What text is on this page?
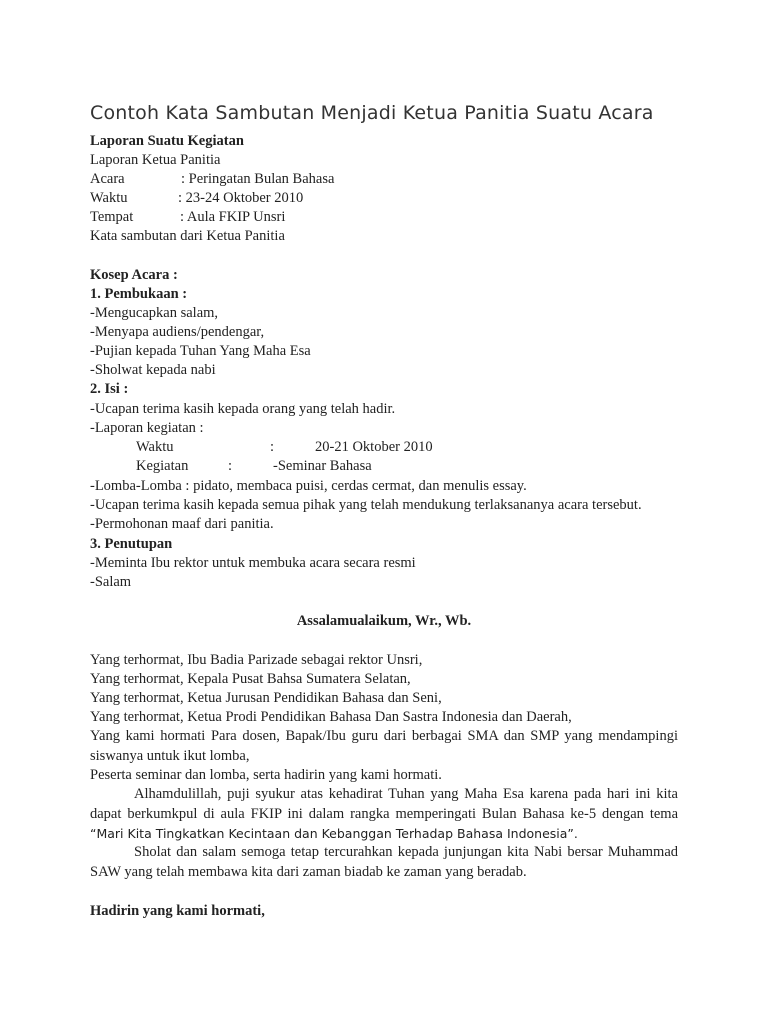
Contoh Kata Sambutan Menjadi Ketua Panitia Suatu Acara
Laporan Suatu Kegiatan
Laporan Ketua Panitia
Acara	: Peringatan Bulan Bahasa
Waktu	: 23-24 Oktober 2010
Tempat	: Aula FKIP Unsri
Kata sambutan dari Ketua Panitia
Kosep Acara :
1. Pembukaan :
-Mengucapkan salam,
-Menyapa audiens/pendengar,
-Pujian kepada Tuhan Yang Maha Esa
-Sholwat kepada nabi
2. Isi :
-Ucapan terima kasih kepada orang yang telah hadir.
-Laporan kegiatan :
Waktu	:	20-21 Oktober 2010
Kegiatan	:	-Seminar Bahasa
-Lomba-Lomba : pidato, membaca puisi, cerdas cermat, dan menulis essay.
-Ucapan terima kasih kepada semua pihak yang telah mendukung terlaksananya acara tersebut.
-Permohonan maaf dari panitia.
3. Penutupan
-Meminta Ibu rektor untuk membuka acara secara resmi
-Salam
Assalamualaikum, Wr., Wb.
Yang terhormat, Ibu Badia Parizade sebagai rektor Unsri,
Yang terhormat, Kepala Pusat Bahsa Sumatera Selatan,
Yang terhormat, Ketua Jurusan Pendidikan Bahasa dan Seni,
Yang terhormat, Ketua Prodi Pendidikan Bahasa Dan Sastra Indonesia dan Daerah,
Yang kami hormati Para dosen, Bapak/Ibu guru dari berbagai SMA dan SMP yang mendampingi siswanya untuk ikut lomba,
Peserta seminar dan lomba, serta hadirin yang kami hormati.
Alhamdulillah, puji syukur atas kehadirat Tuhan yang Maha Esa karena pada hari ini kita dapat berkumkpul di aula FKIP ini dalam rangka memperingati Bulan Bahasa ke-5 dengan tema “Mari Kita Tingkatkan Kecintaan dan Kebanggan Terhadap Bahasa Indonesia”.
Sholat dan salam semoga tetap tercurahkan kepada junjungan kita Nabi bersar Muhammad SAW yang telah membawa kita dari zaman biadab ke zaman yang beradab.
Hadirin yang kami hormati,
